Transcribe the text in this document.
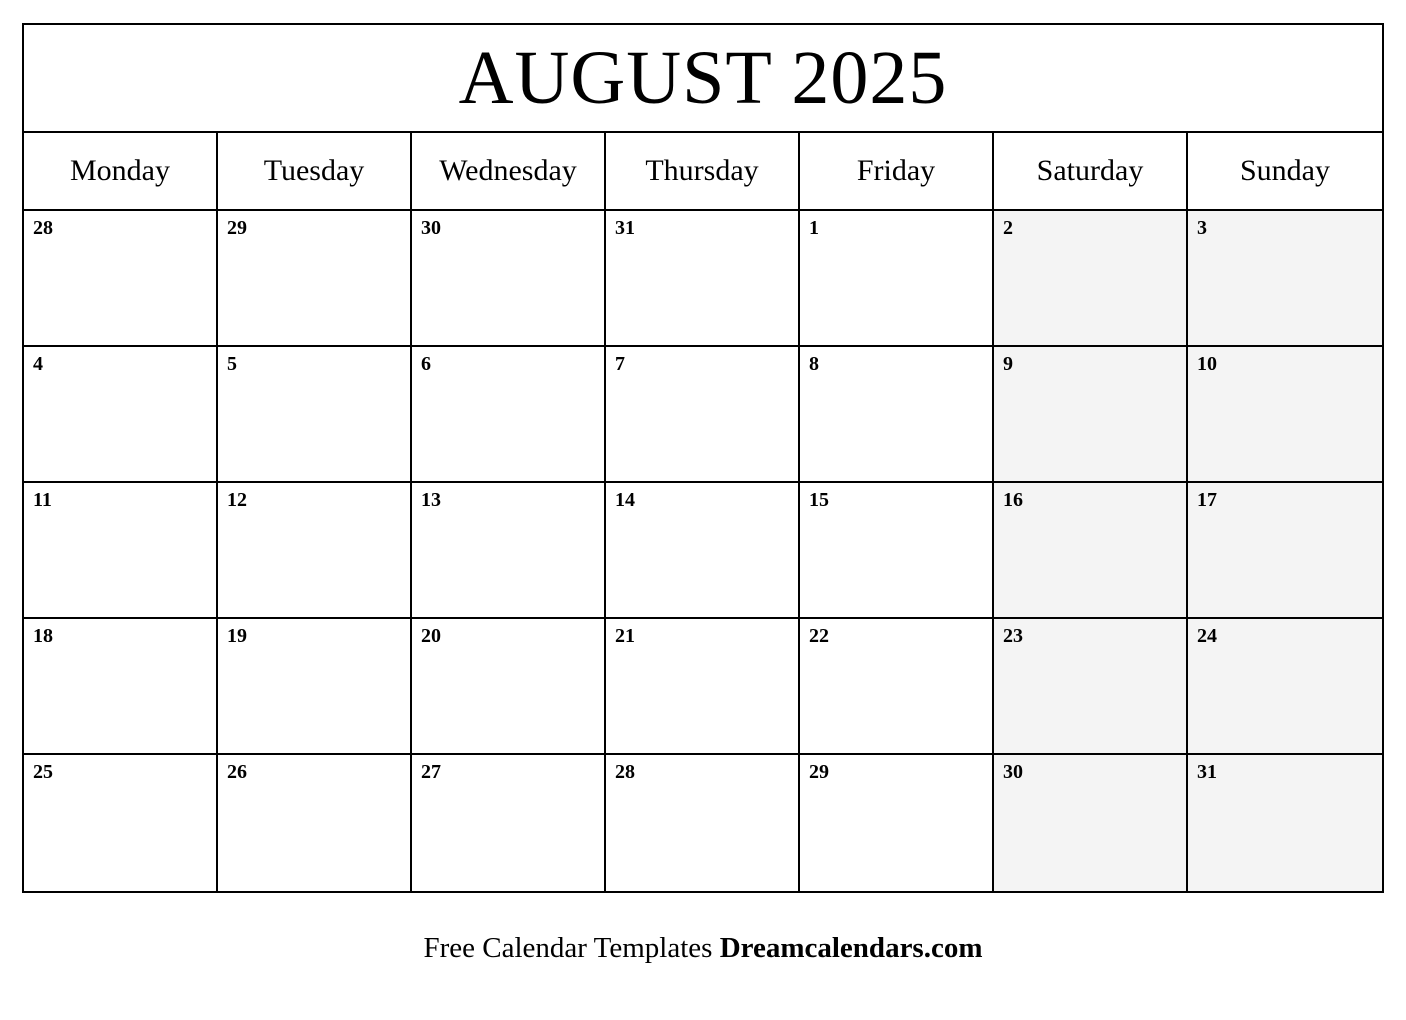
AUGUST 2025
Monday	Tuesday	Wednesday	Thursday	Friday	Saturday	Sunday
28	29	30	31	1	2	3
4	5	6	7	8	9	10
11	12	13	14	15	16	17
18	19	20	21	22	23	24
25	26	27	28	29	30	31
Free Calendar Templates Dreamcalendars.com
